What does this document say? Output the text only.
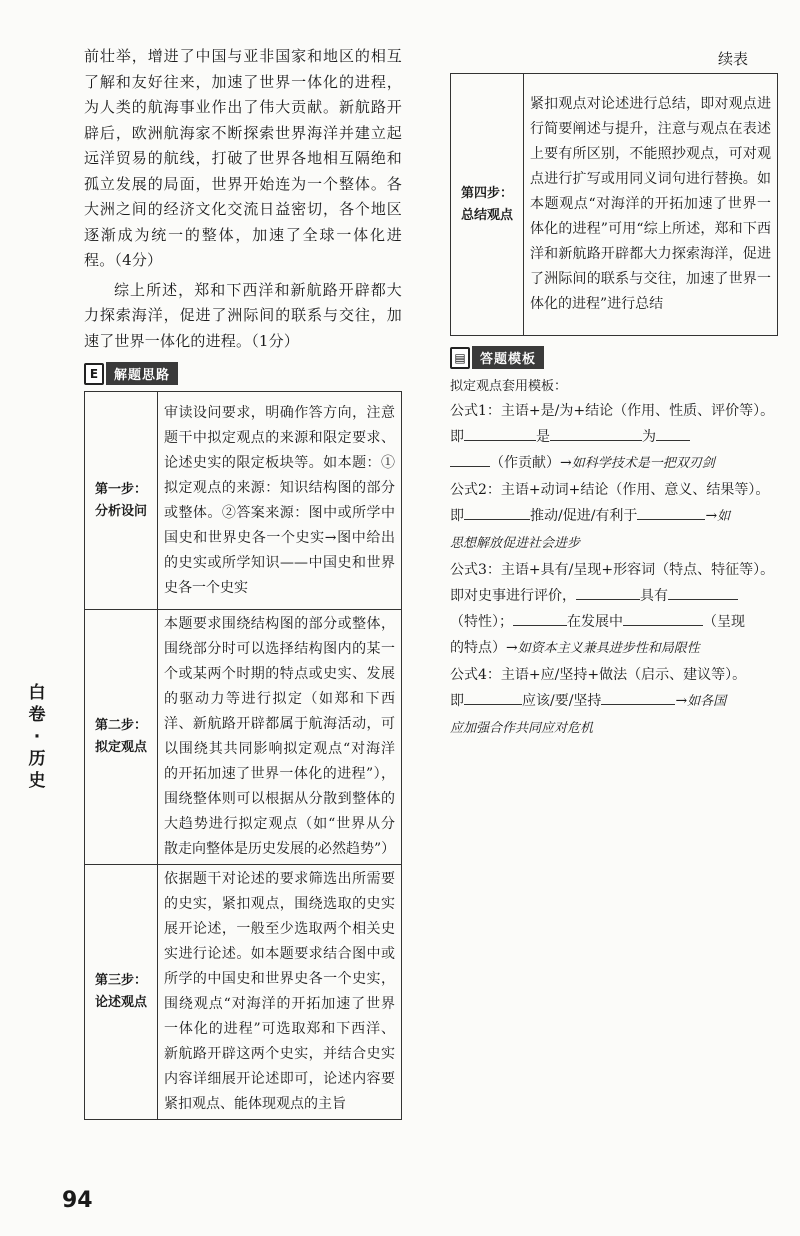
前壮举，增进了中国与亚非国家和地区的相互了解和友好往来，加速了世界一体化的进程，为人类的航海事业作出了伟大贡献。新航路开辟后，欧洲航海家不断探索世界海洋并建立起远洋贸易的航线，打破了世界各地相互隔绝和孤立发展的局面，世界开始连为一个整体。各大洲之间的经济文化交流日益密切，各个地区逐渐成为统一的整体，加速了全球一体化进程。（4分）

综上所述，郑和下西洋和新航路开辟都大力探索海洋，促进了洲际间的联系与交往，加速了世界一体化的进程。（1分）

E	解题思路
第一步：
分析设问	审读设问要求，明确作答方向，注意题干中拟定观点的来源和限定要求、论述史实的限定板块等。如本题：①拟定观点的来源：知识结构图的部分或整体。②答案来源：图中或所学中国史和世界史各一个史实→图中给出的史实或所学知识——中国史和世界史各一个史实

第二步：
拟定观点	本题要求围绕结构图的部分或整体，围绕部分时可以选择结构图内的某一个或某两个时期的特点或史实、发展的驱动力等进行拟定（如郑和下西洋、新航路开辟都属于航海活动，可以围绕其共同影响拟定观点“对海洋的开拓加速了世界一体化的进程”），围绕整体则可以根据从分散到整体的大趋势进行拟定观点（如“世界从分散走向整体是历史发展的必然趋势”）

第三步：
论述观点	依据题干对论述的要求筛选出所需要的史实，紧扣观点，围绕选取的史实展开论述，一般至少选取两个相关史实进行论述。如本题要求结合图中或所学的中国史和世界史各一个史实，围绕观点“对海洋的开拓加速了世界一体化的进程”可选取郑和下西洋、新航路开辟这两个史实，并结合史实内容详细展开论述即可，论述内容要紧扣观点、能体现观点的主旨
续表
第四步：
总结观点
	紧扣观点对论述进行总结，即对观点进行简要阐述与提升，注意与观点在表述上要有所区别，不能照抄观点，可对观点进行扩写或用同义词句进行替换。如本题观点“对海洋的开拓加速了世界一体化的进程”可用“综上所述，郑和下西洋和新航路开辟都大力探索海洋，促进了洲际间的联系与交往，加速了世界一体化的进程”进行总结
▤	答题模板
拟定观点套用模板：

公式1：主语+是/为+结论（作用、性质、评价等）。

即	是	为

（作贡献）→如科学技术是一把双刃剑

公式2：主语+动词+结论（作用、意义、结果等）。

即	推动/促进/有利于	→如

思想解放促进社会进步

公式3：主语+具有/呈现+形容词（特点、特征等）。

即对史事进行评价，	具有

（特性）；	在发展中	（呈现

的特点）→如资本主义兼具进步性和局限性

公式4：主语+应/坚持+做法（启示、建议等）。

即	应该/要/坚持	→如各国

应加强合作共同应对危机

白
卷
·
历
史
94
